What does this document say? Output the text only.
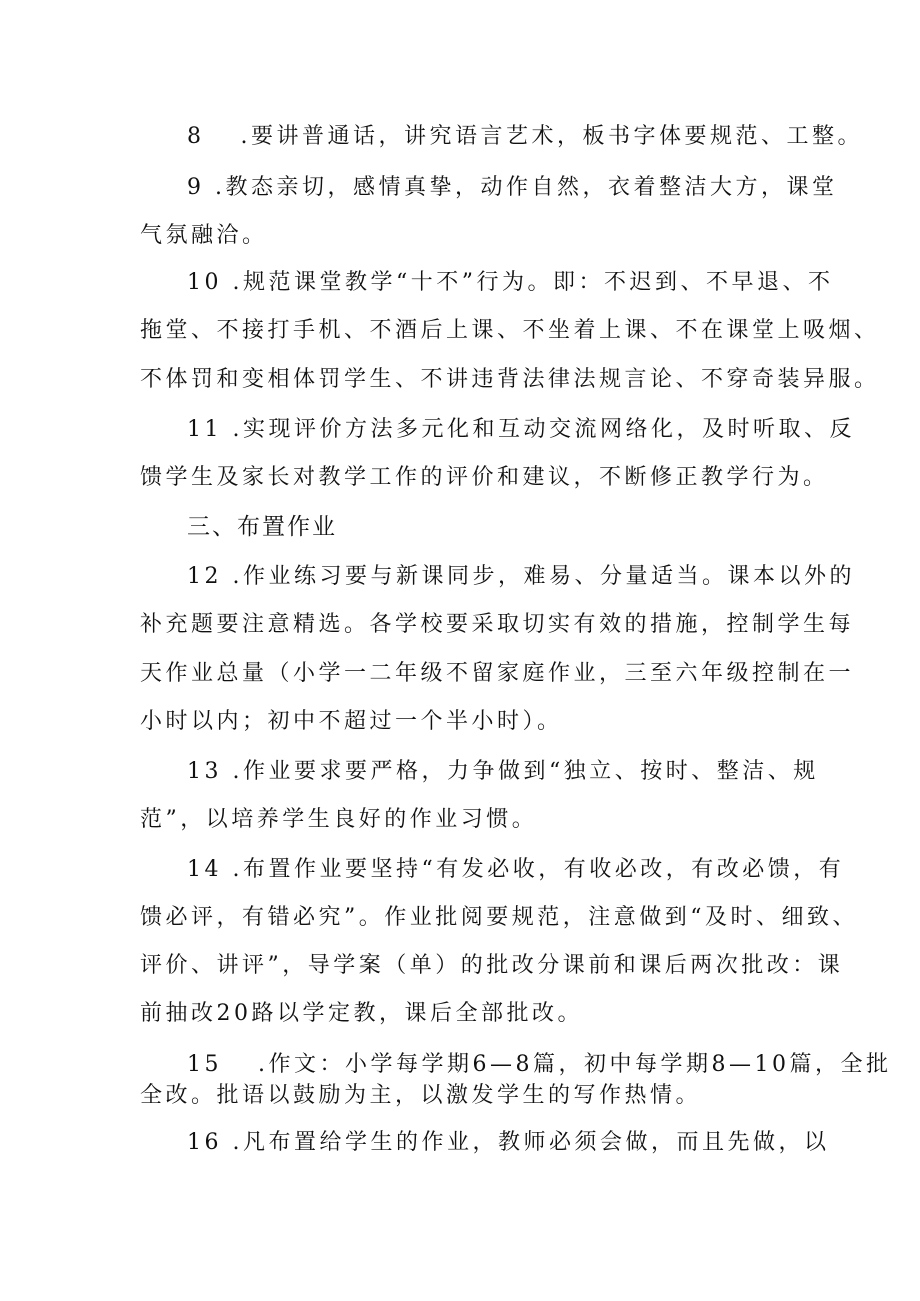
8　 .要讲普通话，讲究语言艺术，板书字体要规范、工整。
9 .教态亲切，感情真挚，动作自然，衣着整洁大方，课堂
气氛融洽。
10 .规范课堂教学“十不”行为。即：不迟到、不早退、不
拖堂、不接打手机、不酒后上课、不坐着上课、不在课堂上吸烟、
不体罚和变相体罚学生、不讲违背法律法规言论、不穿奇装异服。
11 .实现评价方法多元化和互动交流网络化，及时听取、反
馈学生及家长对教学工作的评价和建议，不断修正教学行为。
三、布置作业
12 .作业练习要与新课同步，难易、分量适当。课本以外的
补充题要注意精选。各学校要采取切实有效的措施，控制学生每
天作业总量（小学一二年级不留家庭作业，三至六年级控制在一
小时以内；初中不超过一个半小时）。
13 .作业要求要严格，力争做到“独立、按时、整洁、规
范”，以培养学生良好的作业习惯。
14 .布置作业要坚持“有发必收，有收必改，有改必馈，有
馈必评，有错必究”。作业批阅要规范，注意做到“及时、细致、
评价、讲评”，导学案（单）的批改分课前和课后两次批改：课
前抽改20路以学定教，课后全部批改。
15　 .作文：小学每学期6—8篇，初中每学期8—10篇，全批
全改。批语以鼓励为主，以激发学生的写作热情。
16 .凡布置给学生的作业，教师必须会做，而且先做，以
